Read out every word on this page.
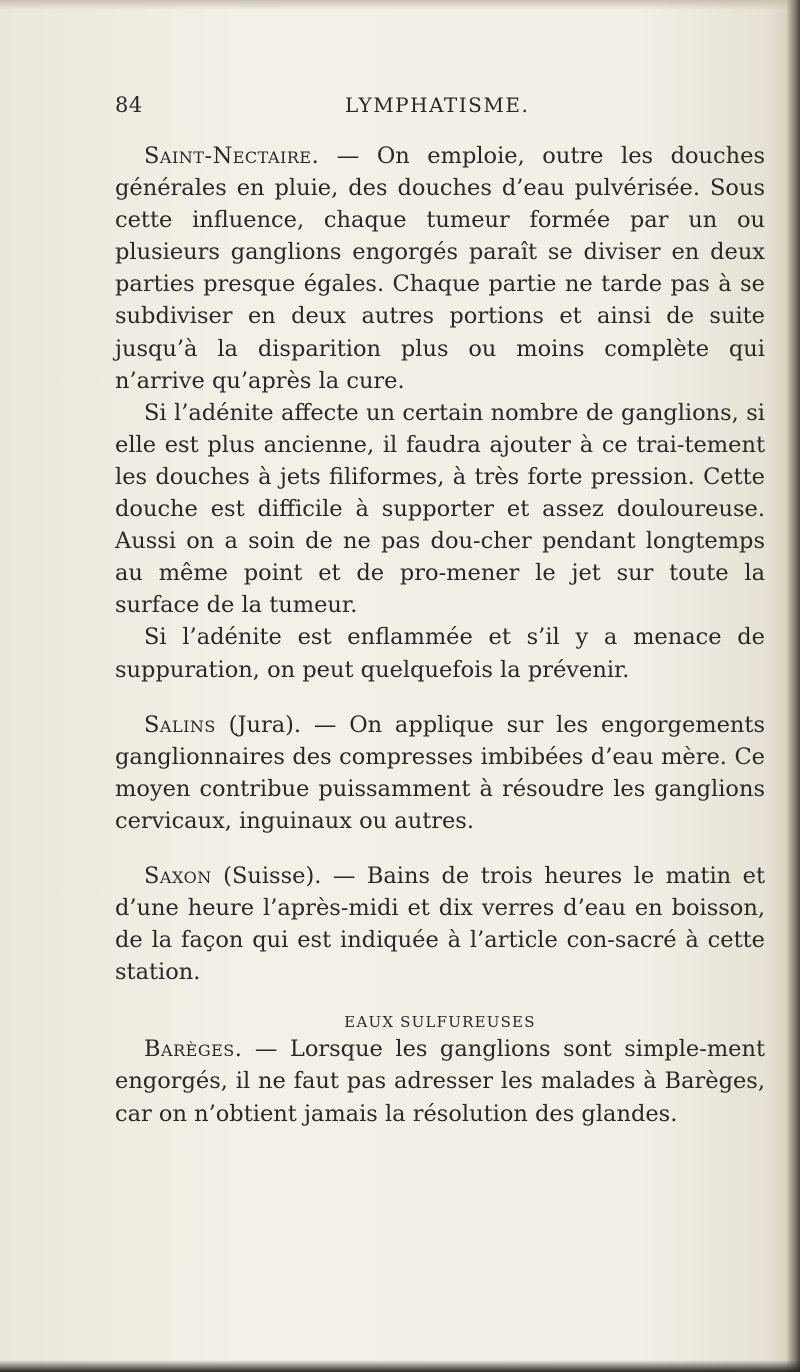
84	LYMPHATISME.

Saint-Nectaire. — On emploie, outre les douches générales en pluie, des douches d’eau pulvérisée. Sous cette influence, chaque tumeur formée par un ou plusieurs ganglions engorgés paraît se diviser en deux parties presque égales. Chaque partie ne tarde pas à se subdiviser en deux autres portions et ainsi de suite jusqu’à la disparition plus ou moins complète qui n’arrive qu’après la cure.

Si l’adénite affecte un certain nombre de ganglions, si elle est plus ancienne, il faudra ajouter à ce trai-tement les douches à jets filiformes, à très forte pression. Cette douche est difficile à supporter et assez douloureuse. Aussi on a soin de ne pas dou-cher pendant longtemps au même point et de pro-mener le jet sur toute la surface de la tumeur.

Si l’adénite est enflammée et s’il y a menace de suppuration, on peut quelquefois la prévenir.

Salins (Jura). — On applique sur les engorgements ganglionnaires des compresses imbibées d’eau mère. Ce moyen contribue puissamment à résoudre les ganglions cervicaux, inguinaux ou autres.

Saxon (Suisse). — Bains de trois heures le matin et d’une heure l’après-midi et dix verres d’eau en boisson, de la façon qui est indiquée à l’article con-sacré à cette station.

EAUX SULFUREUSES

Barèges. — Lorsque les ganglions sont simple-ment engorgés, il ne faut pas adresser les malades à Barèges, car on n’obtient jamais la résolution des glandes.
